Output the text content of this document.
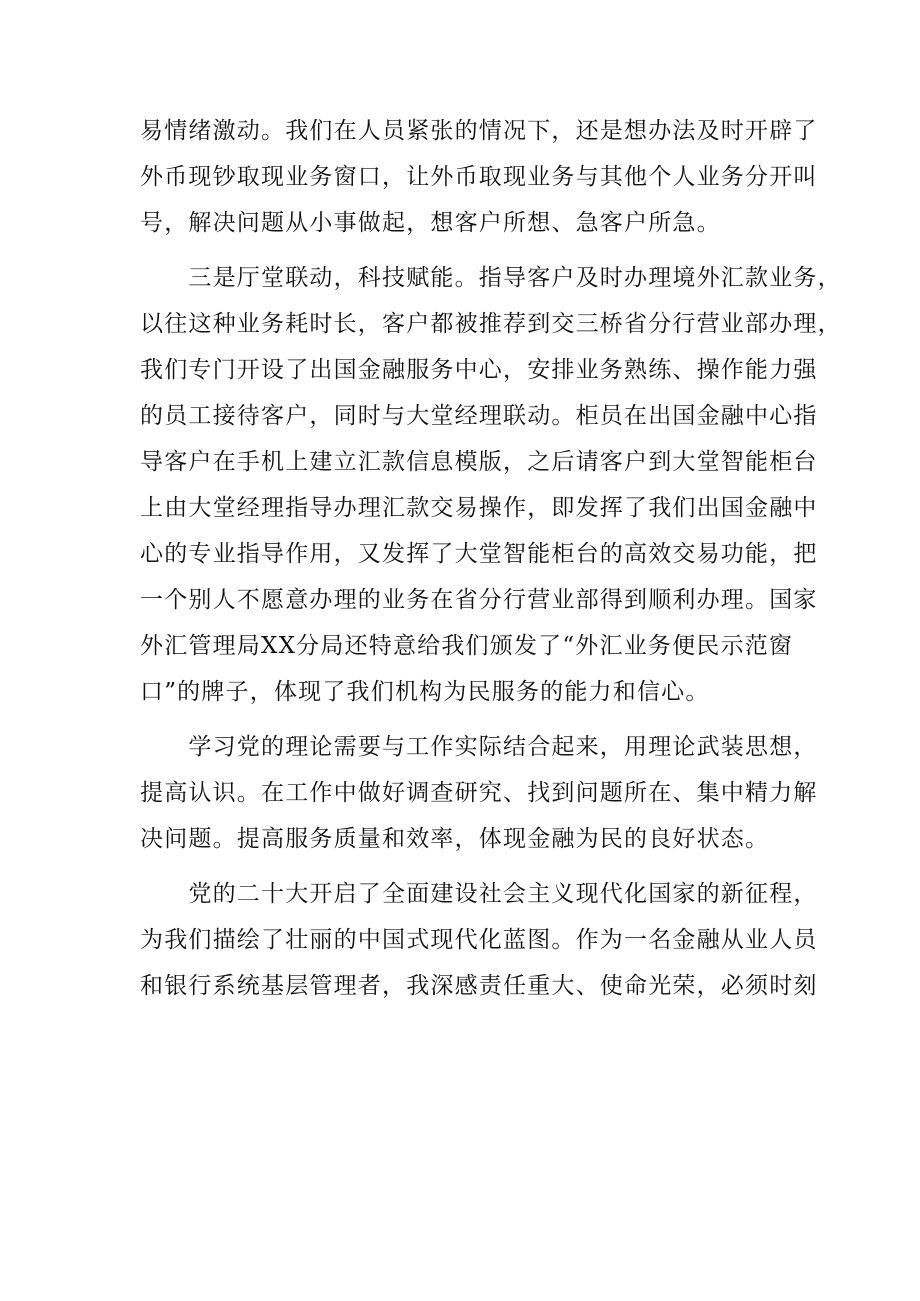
易情绪激动。我们在人员紧张的情况下，还是想办法及时开辟了
外币现钞取现业务窗口，让外币取现业务与其他个人业务分开叫
号，解决问题从小事做起，想客户所想、急客户所急。
　　三是厅堂联动，科技赋能。指导客户及时办理境外汇款业务，
以往这种业务耗时长，客户都被推荐到交三桥省分行营业部办理，
我们专门开设了出国金融服务中心，安排业务熟练、操作能力强
的员工接待客户，同时与大堂经理联动。柜员在出国金融中心指
导客户在手机上建立汇款信息模版，之后请客户到大堂智能柜台
上由大堂经理指导办理汇款交易操作，即发挥了我们出国金融中
心的专业指导作用，又发挥了大堂智能柜台的高效交易功能，把
一个别人不愿意办理的业务在省分行营业部得到顺利办理。国家
外汇管理局XX分局还特意给我们颁发了“外汇业务便民示范窗
口”的牌子，体现了我们机构为民服务的能力和信心。
　　学习党的理论需要与工作实际结合起来，用理论武装思想，
提高认识。在工作中做好调查研究、找到问题所在、集中精力解
决问题。提高服务质量和效率，体现金融为民的良好状态。
　　党的二十大开启了全面建设社会主义现代化国家的新征程，
为我们描绘了壮丽的中国式现代化蓝图。作为一名金融从业人员
和银行系统基层管理者，我深感责任重大、使命光荣，必须时刻
